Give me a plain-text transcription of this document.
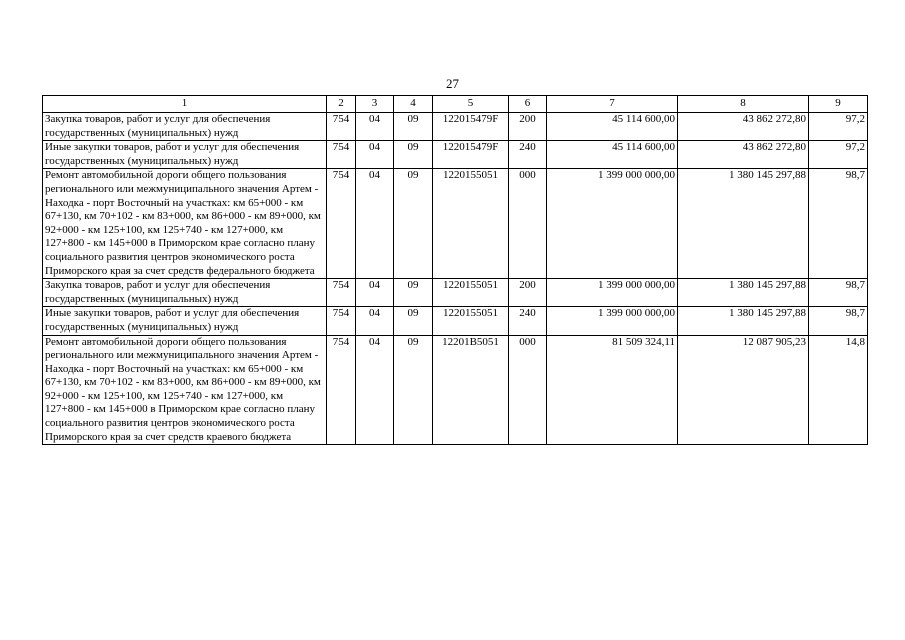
27
1	2	3	4	5	6	7	8	9
Закупка товаров, работ и услуг для обеспечения государственных (муниципальных) нужд	754	04	09	122015479F	200	45 114 600,00	43 862 272,80	97,2
Иные закупки товаров, работ и услуг для обеспечения государственных (муниципальных) нужд	754	04	09	122015479F	240	45 114 600,00	43 862 272,80	97,2
Ремонт автомобильной дороги общего пользования регионального или межмуниципального значения Артем - Находка - порт Восточный на участках: км 65+000 - км 67+130, км 70+102 - км 83+000, км 86+000 - км 89+000, км 92+000 - км 125+100, км 125+740 - км 127+000, км 127+800 - км 145+000 в Приморском крае согласно плану социального развития центров экономического роста Приморского края за счет средств федерального бюджета	754	04	09	1220155051	000	1 399 000 000,00	1 380 145 297,88	98,7
Закупка товаров, работ и услуг для обеспечения государственных (муниципальных) нужд	754	04	09	1220155051	200	1 399 000 000,00	1 380 145 297,88	98,7
Иные закупки товаров, работ и услуг для обеспечения государственных (муниципальных) нужд	754	04	09	1220155051	240	1 399 000 000,00	1 380 145 297,88	98,7
Ремонт автомобильной дороги общего пользования регионального или межмуниципального значения Артем - Находка - порт Восточный на участках: км 65+000 - км 67+130, км 70+102 - км 83+000, км 86+000 - км 89+000, км 92+000 - км 125+100, км 125+740 - км 127+000, км 127+800 - км 145+000 в Приморском крае согласно плану социального развития центров экономического роста Приморского края за счет средств краевого бюджета	754	04	09	12201B5051	000	81 509 324,11	12 087 905,23	14,8
